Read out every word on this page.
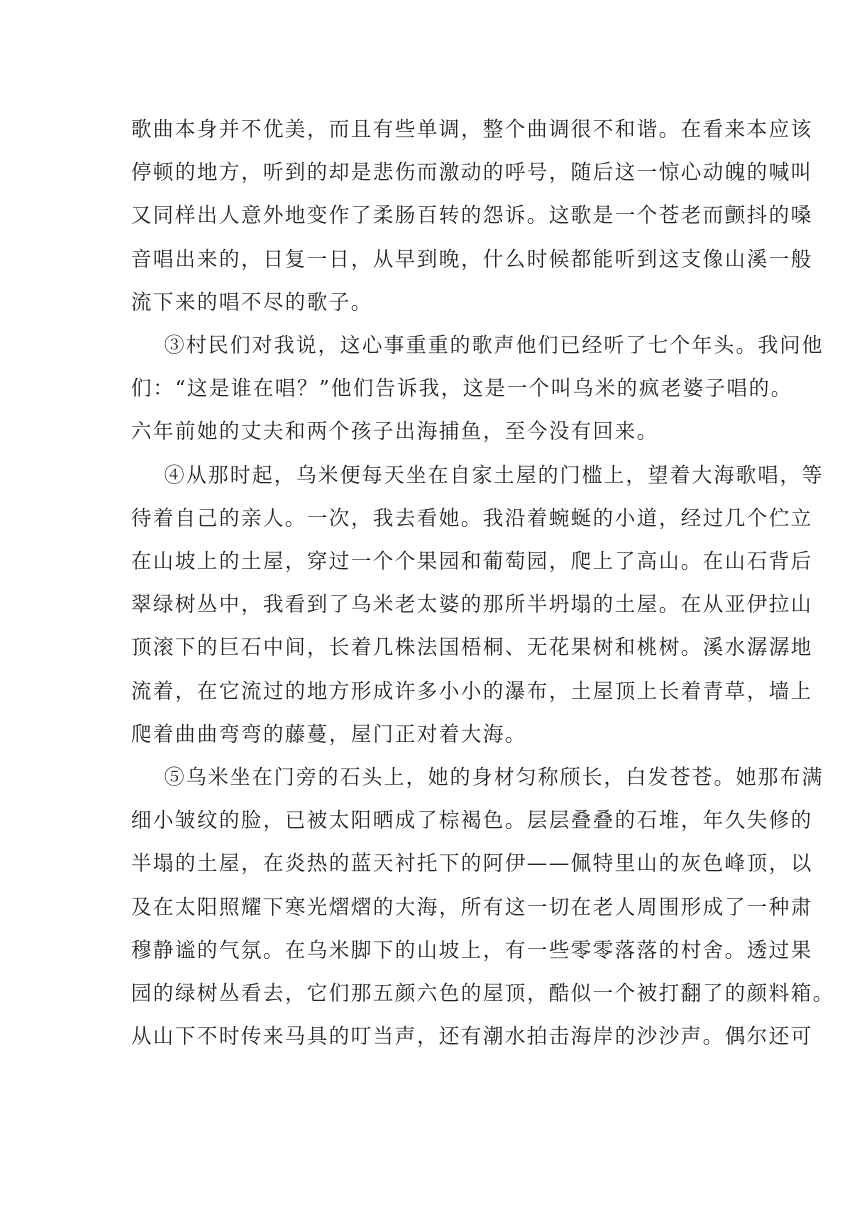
歌曲本身并不优美，而且有些单调，整个曲调很不和谐。在看来本应该
停顿的地方，听到的却是悲伤而激动的呼号，随后这一惊心动魄的喊叫
又同样出人意外地变作了柔肠百转的怨诉。这歌是一个苍老而颤抖的嗓
音唱出来的，日复一日，从早到晚，什么时候都能听到这支像山溪一般
流下来的唱不尽的歌子。

③村民们对我说，这心事重重的歌声他们已经听了七个年头。我问他
们：“这是谁在唱？”他们告诉我，这是一个叫乌米的疯老婆子唱的。
六年前她的丈夫和两个孩子出海捕鱼，至今没有回来。

④从那时起，乌米便每天坐在自家土屋的门槛上，望着大海歌唱，等
待着自己的亲人。一次，我去看她。我沿着蜿蜒的小道，经过几个伫立
在山坡上的土屋，穿过一个个果园和葡萄园，爬上了高山。在山石背后
翠绿树丛中，我看到了乌米老太婆的那所半坍塌的土屋。在从亚伊拉山
顶滚下的巨石中间，长着几株法国梧桐、无花果树和桃树。溪水潺潺地
流着，在它流过的地方形成许多小小的瀑布，土屋顶上长着青草，墙上
爬着曲曲弯弯的藤蔓，屋门正对着大海。

⑤乌米坐在门旁的石头上，她的身材匀称颀长，白发苍苍。她那布满
细小皱纹的脸，已被太阳晒成了棕褐色。层层叠叠的石堆，年久失修的
半塌的土屋，在炎热的蓝天衬托下的阿伊——佩特里山的灰色峰顶，以
及在太阳照耀下寒光熠熠的大海，所有这一切在老人周围形成了一种肃
穆静谧的气氛。在乌米脚下的山坡上，有一些零零落落的村舍。透过果
园的绿树丛看去，它们那五颜六色的屋顶，酷似一个被打翻了的颜料箱。
从山下不时传来马具的叮当声，还有潮水拍击海岸的沙沙声。偶尔还可
